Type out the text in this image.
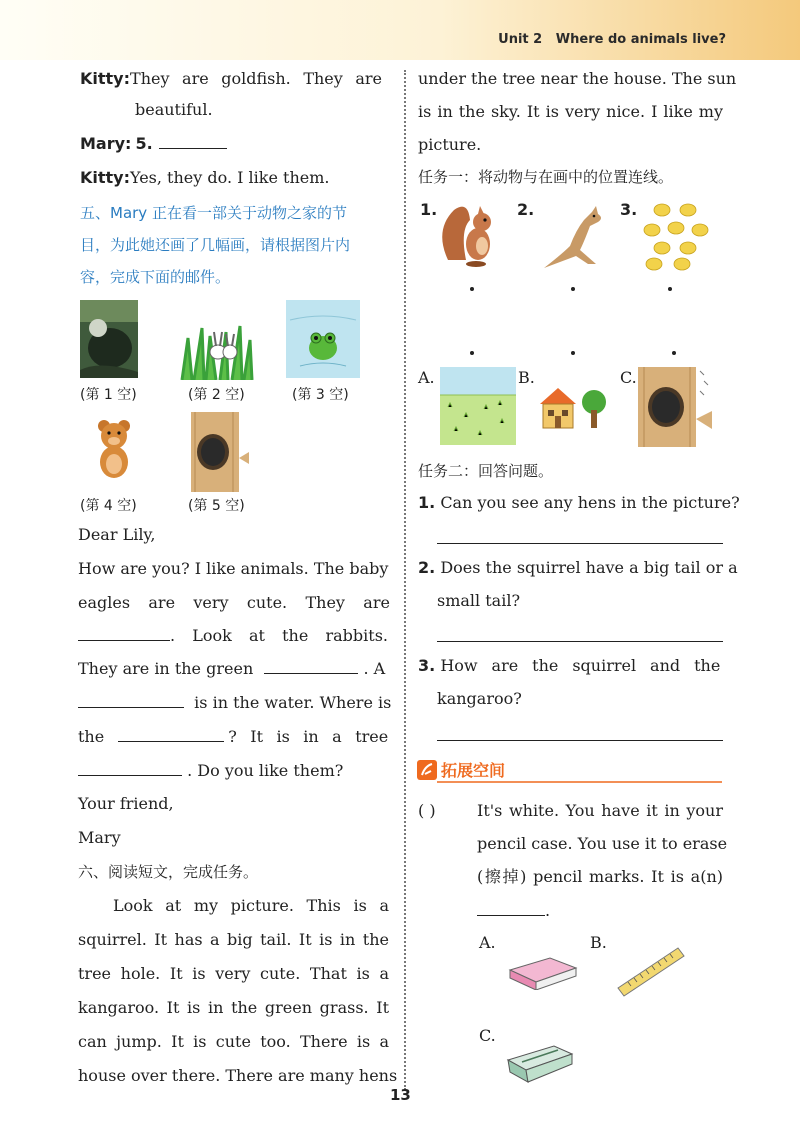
Unit 2 Where do animals live?
Kitty:They are goldfish. They are
beautiful.
Mary: 5.
Kitty:Yes, they do. I like them.
五、Mary 正在看一部关于动物之家的节
目，为此她还画了几幅画，请根据图片内
容，完成下面的邮件。
(第 1 空)	(第 2 空)	(第 3 空)
(第 4 空)	(第 5 空)
Dear Lily,
How are you? I like animals. The baby
eagles are very cute. They are
. Look at the rabbits.
They are in the green	. A
is in the water. Where is
the	? It is in a tree
. Do you like them?
Your friend,
Mary
六、阅读短文，完成任务。
Look at my picture. This is a
squirrel. It has a big tail. It is in the
tree hole. It is very cute. That is a
kangaroo. It is in the green grass. It
can jump. It is cute too. There is a
house over there. There are many hens
under the tree near the house. The sun
is in the sky. It is very nice. I like my
picture.
任务一：将动物与在画中的位置连线。
1.	2.	3.
A.	B.	C.
任务二：回答问题。
1. Can you see any hens in the picture?
2. Does the squirrel have a big tail or a
small tail?
3. How are the squirrel and the
kangaroo?
拓展空间
( )	It's white. You have it in your
pencil case. You use it to erase
(擦掉) pencil marks. It is a(n)
.
A.	B.
C.
13
